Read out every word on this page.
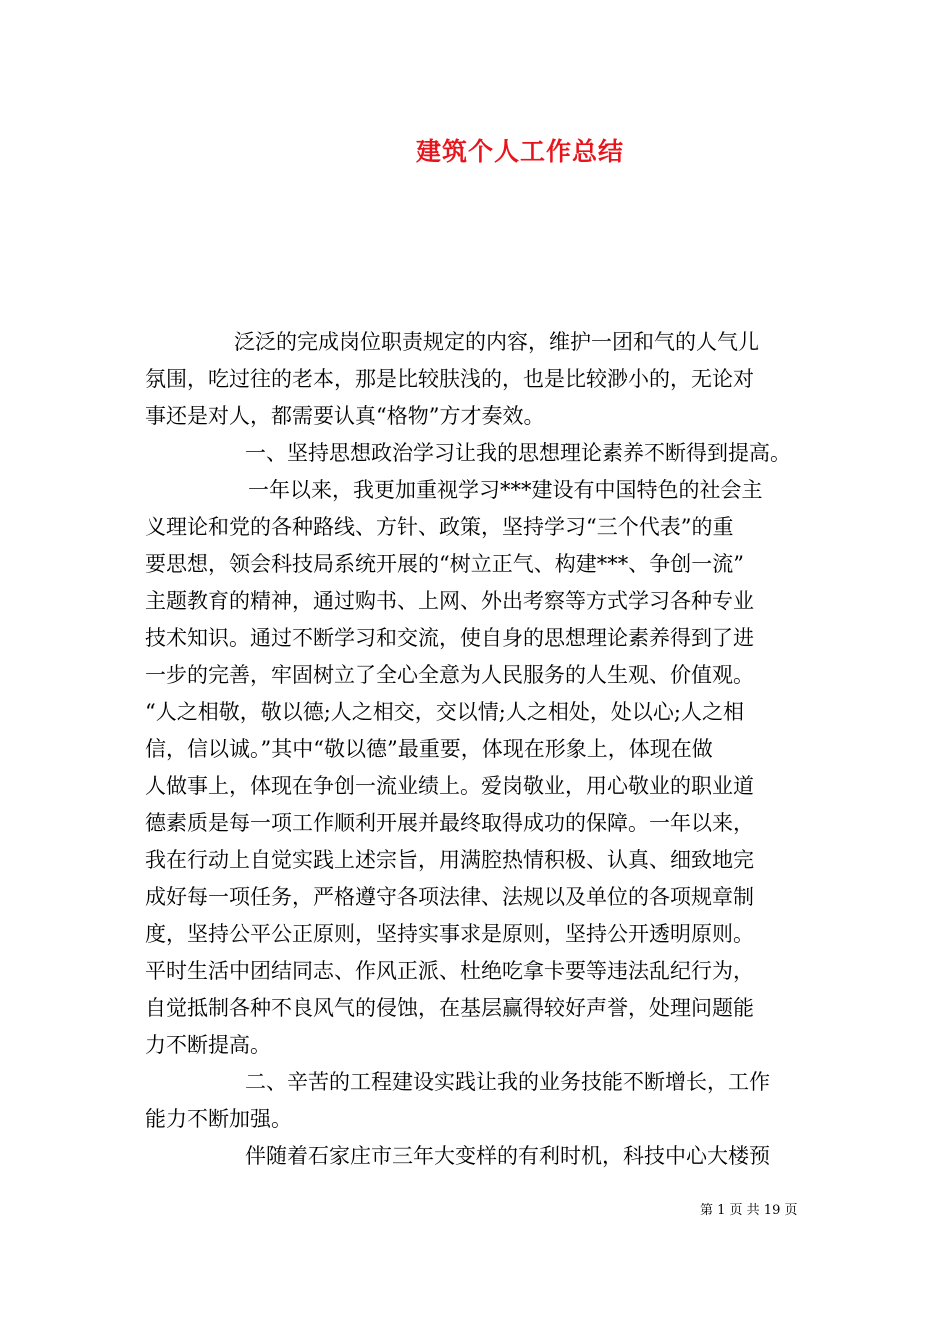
建筑个人工作总结
泛泛的完成岗位职责规定的内容，维护一团和气的人气儿
氛围，吃过往的老本，那是比较肤浅的，也是比较渺小的，无论对
事还是对人，都需要认真“格物”方才奏效。
一、坚持思想政治学习让我的思想理论素养不断得到提高。
一年以来，我更加重视学习***建设有中国特色的社会主
义理论和党的各种路线、方针、政策，坚持学习“三个代表”的重
要思想，领会科技局系统开展的“树立正气、构建***、争创一流”
主题教育的精神，通过购书、上网、外出考察等方式学习各种专业
技术知识。通过不断学习和交流，使自身的思想理论素养得到了进
一步的完善，牢固树立了全心全意为人民服务的人生观、价值观。
“人之相敬，敬以德;人之相交，交以情;人之相处，处以心;人之相
信，信以诚。”其中“敬以德”最重要，体现在形象上，体现在做
人做事上，体现在争创一流业绩上。爱岗敬业，用心敬业的职业道
德素质是每一项工作顺利开展并最终取得成功的保障。一年以来，
我在行动上自觉实践上述宗旨，用满腔热情积极、认真、细致地完
成好每一项任务，严格遵守各项法律、法规以及单位的各项规章制
度，坚持公平公正原则，坚持实事求是原则，坚持公开透明原则。
平时生活中团结同志、作风正派、杜绝吃拿卡要等违法乱纪行为，
自觉抵制各种不良风气的侵蚀，在基层赢得较好声誉，处理问题能
力不断提高。
二、辛苦的工程建设实践让我的业务技能不断增长，工作
能力不断加强。
伴随着石家庄市三年大变样的有利时机，科技中心大楼预
第 1 页 共 19 页
